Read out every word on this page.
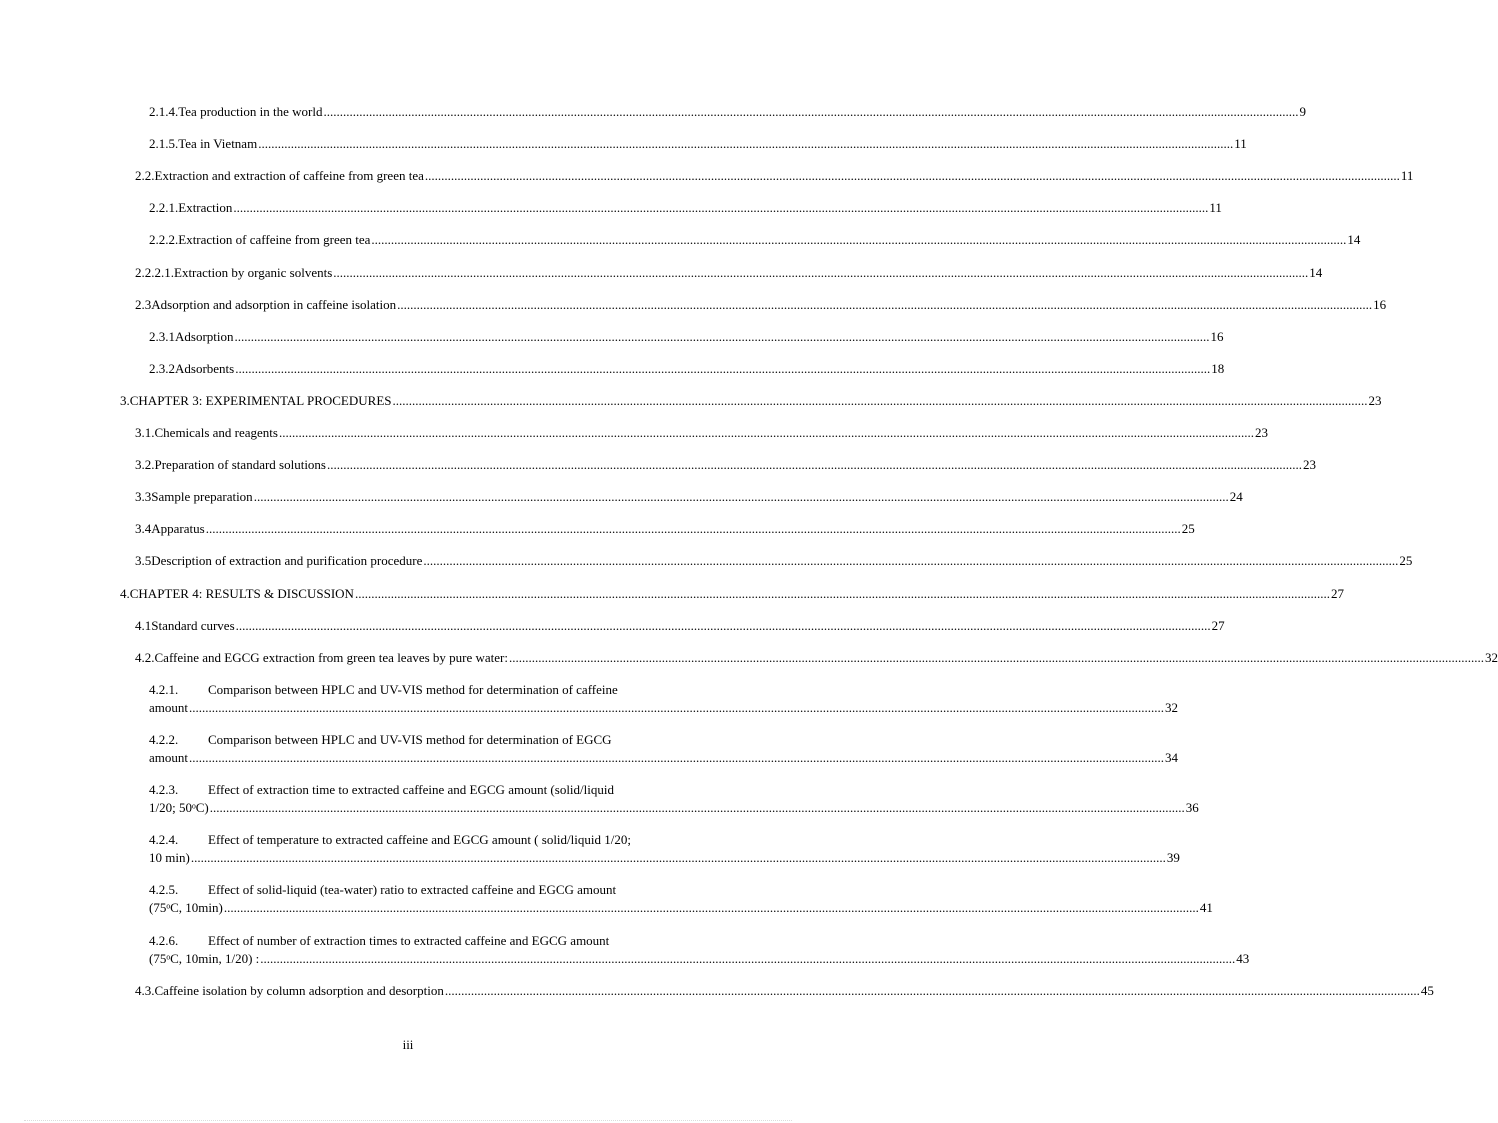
2.1.4. Tea production in the world .....	9
2.1.5. Tea in Vietnam .....	11
2.2. Extraction and extraction of caffeine from green tea .....	11
2.2.1. Extraction .....	11
2.2.2. Extraction of caffeine from green tea .....	14
2.2.2.1. Extraction by organic solvents .....	14
2.3 Adsorption and adsorption in caffeine isolation .....	16
2.3.1 Adsorption .....	16
2.3.2 Adsorbents .....	18
3. CHAPTER 3: EXPERIMENTAL PROCEDURES .....	23
3.1. Chemicals and reagents .....	23
3.2. Preparation of standard solutions .....	23
3.3 Sample preparation .....	24
3.4 Apparatus .....	25
3.5 Description of extraction and purification procedure .....	25
4. CHAPTER 4: RESULTS & DISCUSSION .....	27
4.1 Standard curves .....	27
4.2. Caffeine and EGCG extraction from green tea leaves by pure water: .....	32
4.2.1.	Comparison between HPLC and UV-VIS method for determination of caffeine
amount .....	32
4.2.2.	Comparison between HPLC and UV-VIS method for determination of EGCG
amount .....	34
4.2.3.	Effect of extraction time to extracted caffeine and EGCG amount (solid/liquid
1/20; 50ᵒC) .....	36
4.2.4.	Effect of temperature to extracted caffeine and EGCG amount ( solid/liquid 1/20;
10 min) .....	39
4.2.5.	Effect of solid-liquid (tea-water) ratio to extracted caffeine and EGCG amount
(75ᵒC, 10min) .....	41
4.2.6.	Effect of number of extraction times to extracted caffeine and EGCG amount
(75ᵒC, 10min, 1/20) : .....	43
4.3. Caffeine isolation by column adsorption and desorption .....	45
iii
